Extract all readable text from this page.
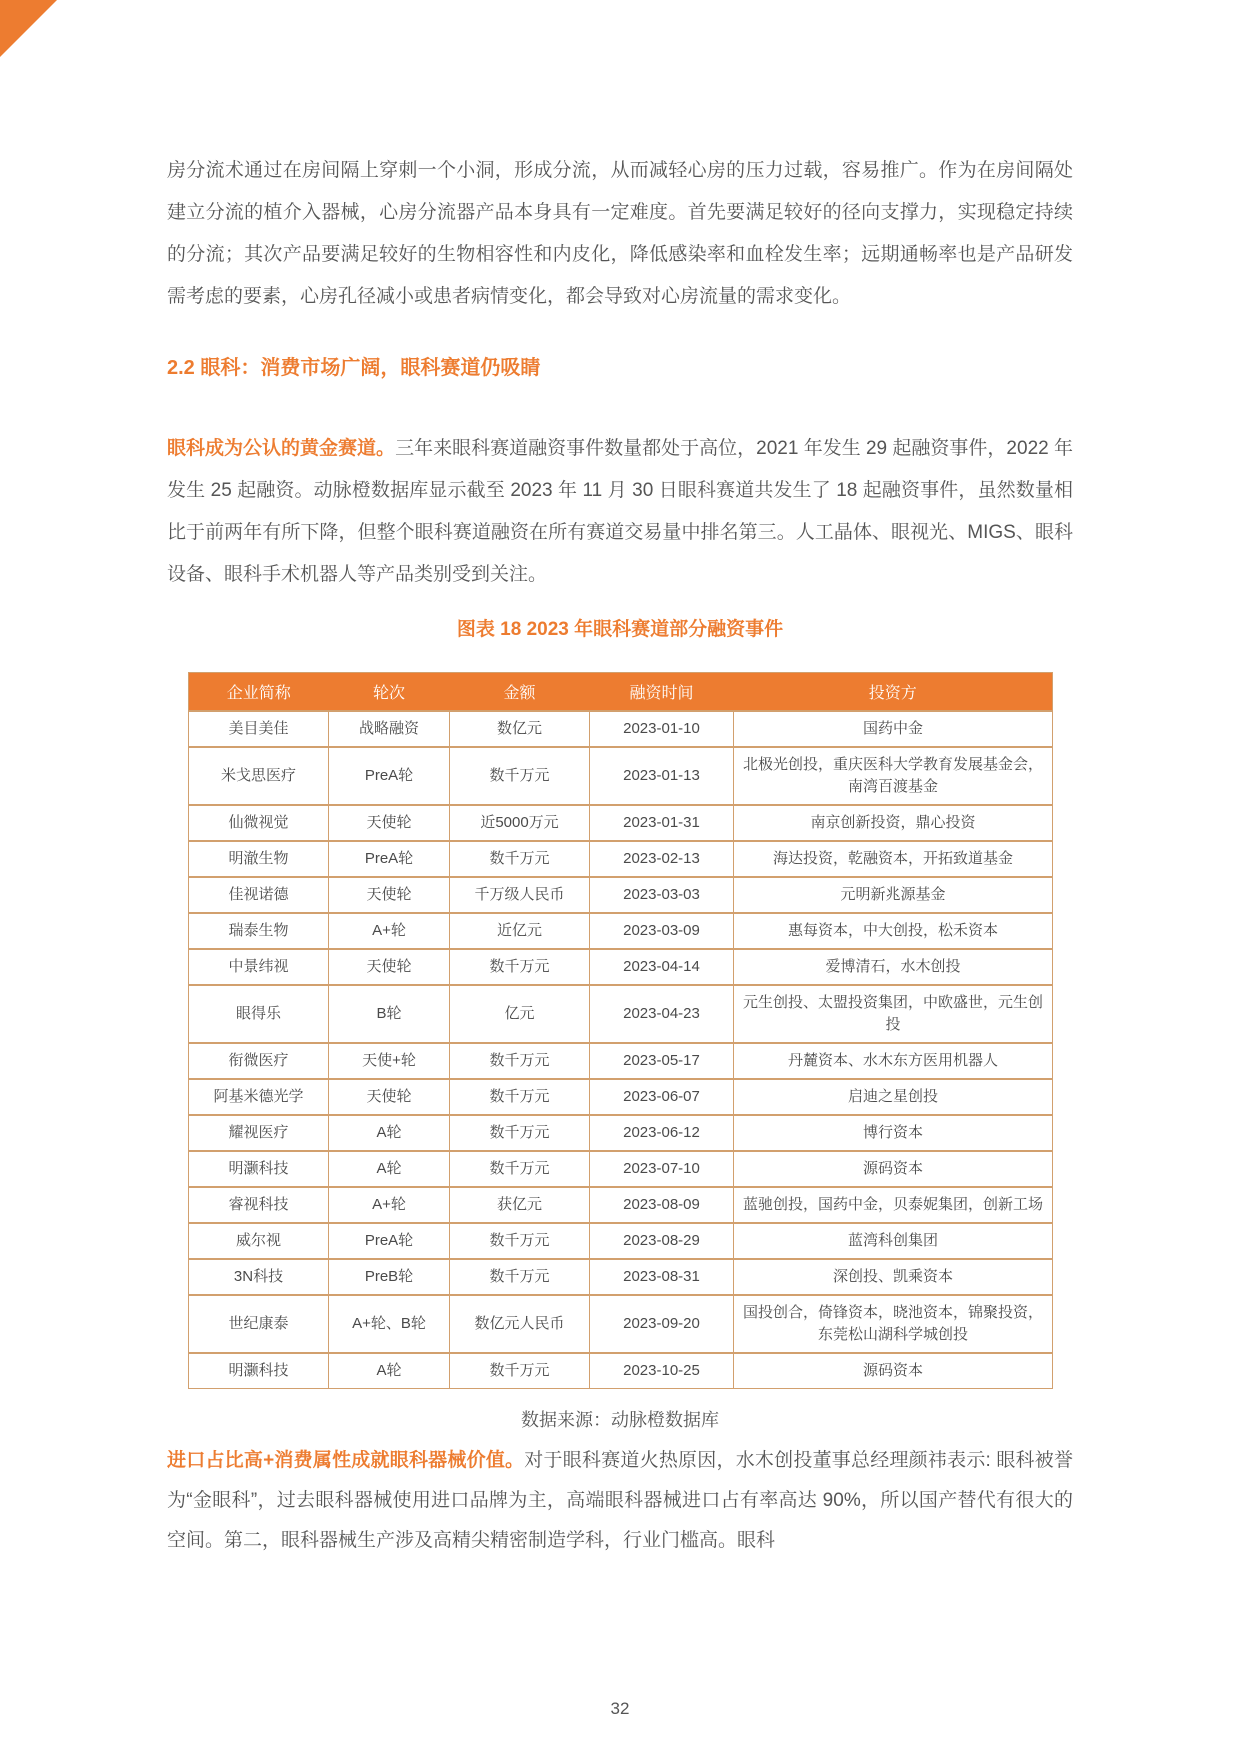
房分流术通过在房间隔上穿刺一个小洞，形成分流，从而减轻心房的压力过载，容易推广。作为在房间隔处建立分流的植介入器械，心房分流器产品本身具有一定难度。首先要满足较好的径向支撑力，实现稳定持续的分流；其次产品要满足较好的生物相容性和内皮化，降低感染率和血栓发生率；远期通畅率也是产品研发需考虑的要素，心房孔径减小或患者病情变化，都会导致对心房流量的需求变化。

2.2 眼科：消费市场广阔，眼科赛道仍吸睛

眼科成为公认的黄金赛道。三年来眼科赛道融资事件数量都处于高位，2021 年发生 29 起融资事件，2022 年发生 25 起融资。动脉橙数据库显示截至 2023 年 11 月 30 日眼科赛道共发生了 18 起融资事件，虽然数量相比于前两年有所下降，但整个眼科赛道融资在所有赛道交易量中排名第三。人工晶体、眼视光、MIGS、眼科设备、眼科手术机器人等产品类别受到关注。

图表 18 2023 年眼科赛道部分融资事件
企业简称	轮次	金额	融资时间	投资方
美目美佳	战略融资	数亿元	2023-01-10	国药中金
米戈思医疗	PreA轮	数千万元	2023-01-13	北极光创投，重庆医科大学教育发展基金会，南湾百渡基金
仙微视觉	天使轮	近5000万元	2023-01-31	南京创新投资，鼎心投资
明澈生物	PreA轮	数千万元	2023-02-13	海达投资，乾融资本，开拓致道基金
佳视诺德	天使轮	千万级人民币	2023-03-03	元明新兆源基金
瑞泰生物	A+轮	近亿元	2023-03-09	惠每资本，中大创投，松禾资本
中景纬视	天使轮	数千万元	2023-04-14	爱博清石，水木创投
眼得乐	B轮	亿元	2023-04-23	元生创投、太盟投资集团，中欧盛世，元生创投
衔微医疗	天使+轮	数千万元	2023-05-17	丹麓资本、水木东方医用机器人
阿基米德光学	天使轮	数千万元	2023-06-07	启迪之星创投
耀视医疗	A轮	数千万元	2023-06-12	博行资本
明灏科技	A轮	数千万元	2023-07-10	源码资本
睿视科技	A+轮	获亿元	2023-08-09	蓝驰创投，国药中金，贝泰妮集团，创新工场
威尔视	PreA轮	数千万元	2023-08-29	蓝湾科创集团
3N科技	PreB轮	数千万元	2023-08-31	深创投、凯乘资本
世纪康泰	A+轮、B轮	数亿元人民币	2023-09-20	国投创合，倚锋资本，晓池资本，锦聚投资，东莞松山湖科学城创投
明灏科技	A轮	数千万元	2023-10-25	源码资本
数据来源：动脉橙数据库

进口占比高+消费属性成就眼科器械价值。对于眼科赛道火热原因，水木创投董事总经理颜祎表示: 眼科被誉为“金眼科”，过去眼科器械使用进口品牌为主，高端眼科器械进口占有率高达 90%，所以国产替代有很大的空间。第二，眼科器械生产涉及高精尖精密制造学科，行业门槛高。眼科

32
